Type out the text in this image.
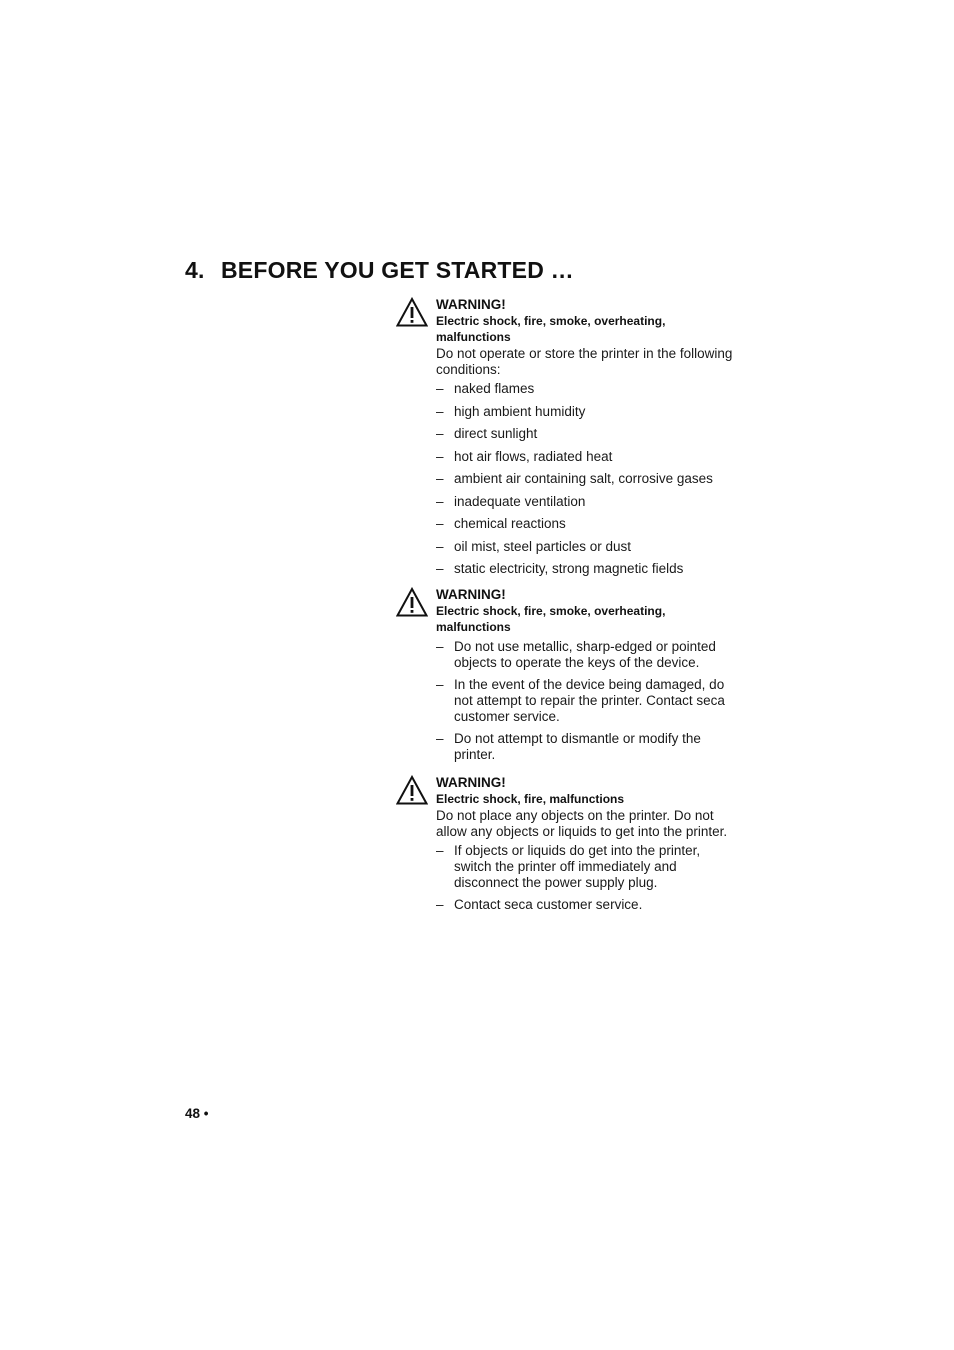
4. BEFORE YOU GET STARTED …
WARNING!
Electric shock, fire, smoke, overheating, malfunctions
Do not operate or store the printer in the following conditions:
– naked flames
– high ambient humidity
– direct sunlight
– hot air flows, radiated heat
– ambient air containing salt, corrosive gases
– inadequate ventilation
– chemical reactions
– oil mist, steel particles or dust
– static electricity, strong magnetic fields
WARNING!
Electric shock, fire, smoke, overheating, malfunctions
– Do not use metallic, sharp-edged or pointed objects to operate the keys of the device.
– In the event of the device being damaged, do not attempt to repair the printer. Contact seca customer service.
– Do not attempt to dismantle or modify the printer.
WARNING!
Electric shock, fire, malfunctions
Do not place any objects on the printer. Do not allow any objects or liquids to get into the printer.
– If objects or liquids do get into the printer, switch the printer off immediately and disconnect the power supply plug.
– Contact seca customer service.
48 •
